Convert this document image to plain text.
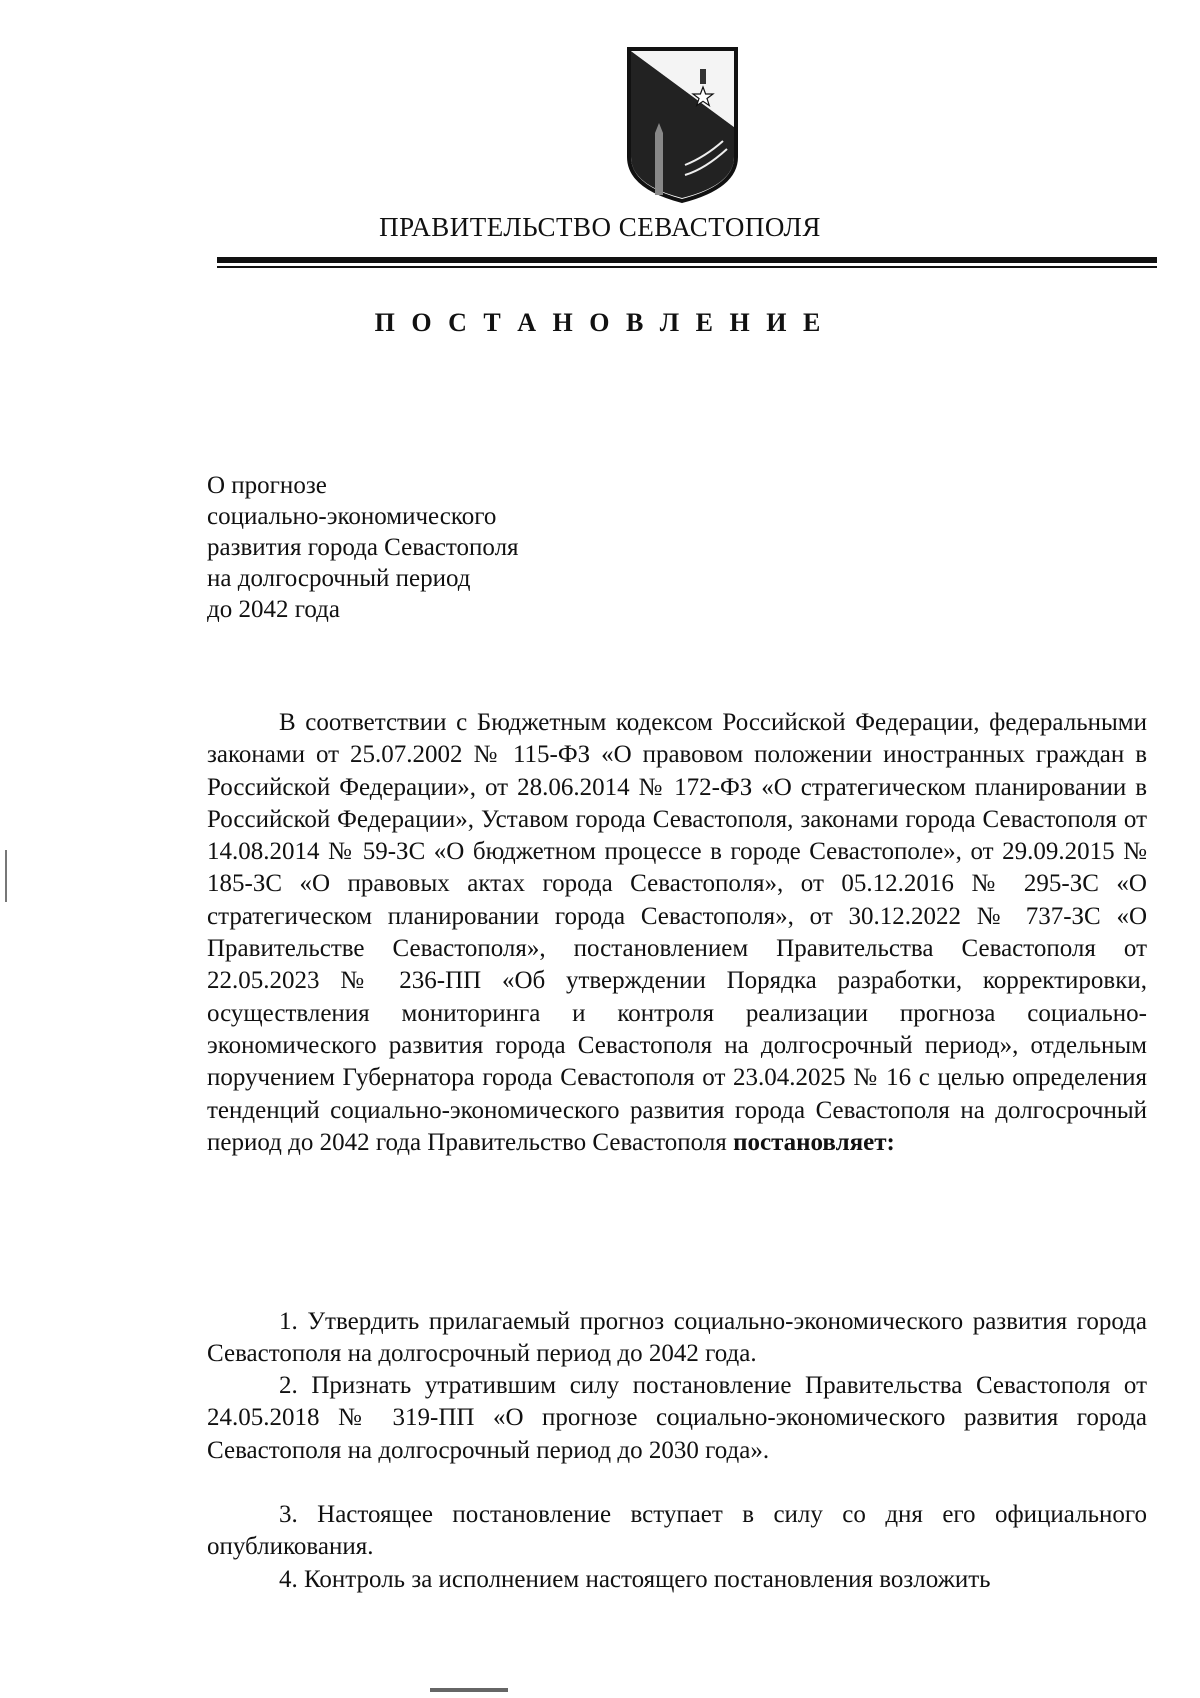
ПРАВИТЕЛЬСТВО СЕВАСТОПОЛЯ
П О С Т А Н О В Л Е Н И Е
О прогнозе
социально-экономического
развития города Севастополя
на долгосрочный период
до 2042 года

В соответствии с Бюджетным кодексом Российской Федерации, федеральными законами от 25.07.2002 № 115-ФЗ «О правовом положении иностранных граждан в Российской Федерации», от 28.06.2014 № 172-ФЗ «О стратегическом планировании в Российской Федерации», Уставом города Севастополя, законами города Севастополя от 14.08.2014 № 59-ЗС «О бюджетном процессе в городе Севастополе», от 29.09.2015 № 185-ЗС «О правовых актах города Севастополя», от 05.12.2016 № 295-ЗС «О стратегическом планировании города Севастополя», от 30.12.2022 № 737-ЗС «О Правительстве Севастополя», постановлением Правительства Севастополя от 22.05.2023 № 236-ПП «Об утверждении Порядка разработки, корректировки, осуществления мониторинга и контроля реализации прогноза социально-экономического развития города Севастополя на долгосрочный период», отдельным поручением Губернатора города Севастополя от 23.04.2025 № 16 с целью определения тенденций социально-экономического развития города Севастополя на долгосрочный период до 2042 года Правительство Севастополя постановляет:

1. Утвердить прилагаемый прогноз социально-экономического развития города Севастополя на долгосрочный период до 2042 года.

2. Признать утратившим силу постановление Правительства Севастополя от 24.05.2018 № 319-ПП «О прогнозе социально-экономического развития города Севастополя на долгосрочный период до 2030 года».

3. Настоящее постановление вступает в силу со дня его официального опубликования.

4. Контроль за исполнением настоящего постановления возложить
